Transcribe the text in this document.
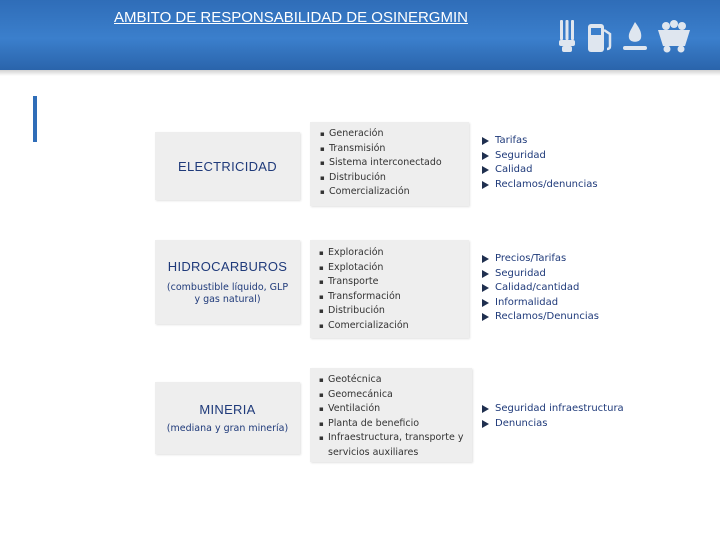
AMBITO DE RESPONSABILIDAD DE OSINERGMIN
ELECTRICIDAD
▪ Generación
▪ Transmisión
▪ Sistema interconectado
▪ Distribución
▪ Comercialización
Tarifas
Seguridad
Calidad
Reclamos/denuncias
HIDROCARBUROS
(combustible líquido, GLP y gas natural)
▪ Exploración
▪ Explotación
▪ Transporte
▪ Transformación
▪ Distribución
▪ Comercialización
Precios/Tarifas
Seguridad
Calidad/cantidad
Informalidad
Reclamos/Denuncias
MINERIA
(mediana y gran minería)
▪ Geotécnica
▪ Geomecánica
▪ Ventilación
▪ Planta de beneficio
▪ Infraestructura, transporte y servicios auxiliares
Seguridad infraestructura
Denuncias
